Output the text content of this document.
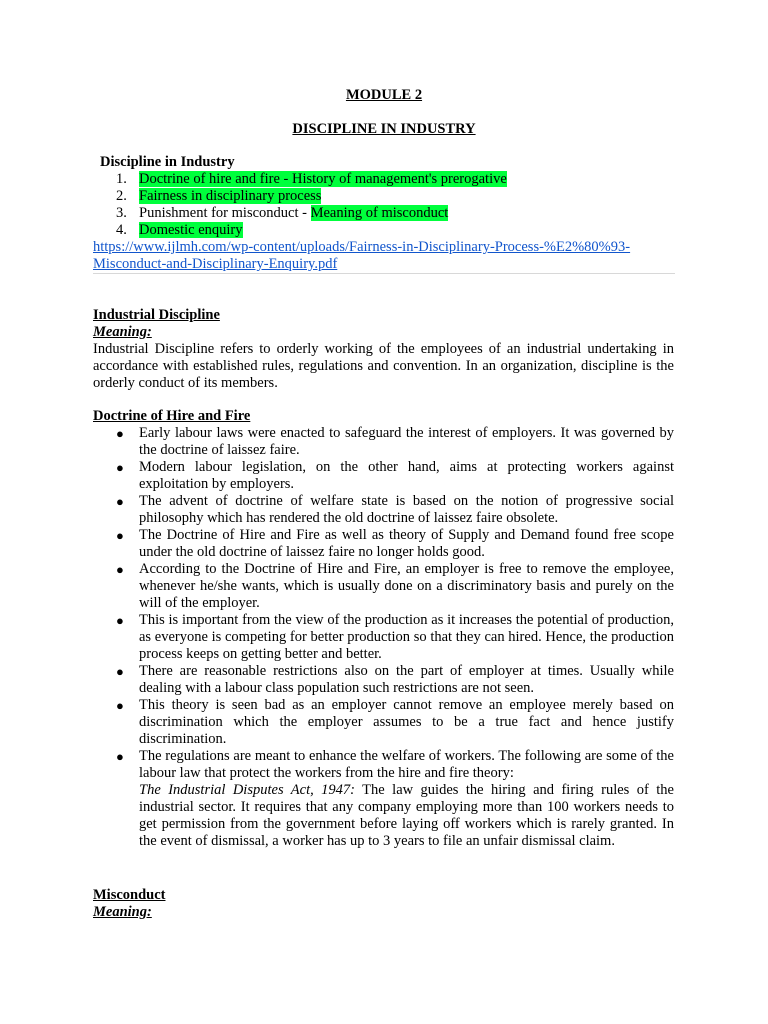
MODULE 2
DISCIPLINE IN INDUSTRY
Discipline in Industry
1. Doctrine of hire and fire - History of management's prerogative
2. Fairness in disciplinary process
3. Punishment for misconduct - Meaning of misconduct
4. Domestic enquiry
https://www.ijlmh.com/wp-content/uploads/Fairness-in-Disciplinary-Process-%E2%80%93-Misconduct-and-Disciplinary-Enquiry.pdf
Industrial Discipline
Meaning:

Industrial Discipline refers to orderly working of the employees of an industrial undertaking in accordance with established rules, regulations and convention. In an organization, discipline is the orderly conduct of its members.

Doctrine of Hire and Fire
● Early labour laws were enacted to safeguard the interest of employers. It was governed by the doctrine of laissez faire.
● Modern labour legislation, on the other hand, aims at protecting workers against exploitation by employers.
● The advent of doctrine of welfare state is based on the notion of progressive social philosophy which has rendered the old doctrine of laissez faire obsolete.
● The Doctrine of Hire and Fire as well as theory of Supply and Demand found free scope under the old doctrine of laissez faire no longer holds good.
● According to the Doctrine of Hire and Fire, an employer is free to remove the employee, whenever he/she wants, which is usually done on a discriminatory basis and purely on the will of the employer.
● This is important from the view of the production as it increases the potential of production, as everyone is competing for better production so that they can hired. Hence, the production process keeps on getting better and better.
● There are reasonable restrictions also on the part of employer at times. Usually while dealing with a labour class population such restrictions are not seen.
● This theory is seen bad as an employer cannot remove an employee merely based on discrimination which the employer assumes to be a true fact and hence justify discrimination.
● The regulations are meant to enhance the welfare of workers. The following are some of the labour law that protect the workers from the hire and fire theory:

The Industrial Disputes Act, 1947: The law guides the hiring and firing rules of the industrial sector. It requires that any company employing more than 100 workers needs to get permission from the government before laying off workers which is rarely granted. In the event of dismissal, a worker has up to 3 years to file an unfair dismissal claim.

Misconduct
Meaning:
